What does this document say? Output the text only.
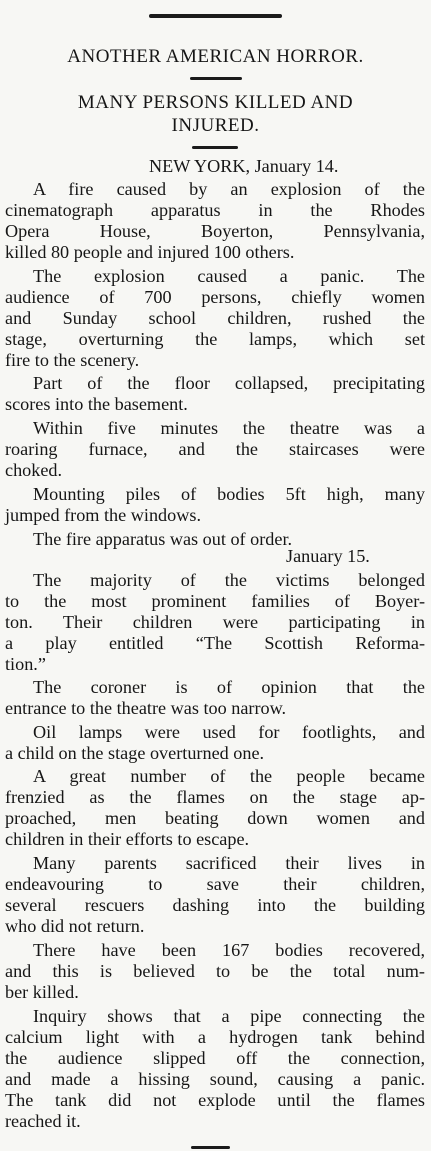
ANOTHER AMERICAN HORROR.
MANY PERSONS KILLED AND
INJURED.
NEW YORK, January 14.
January 15.
A fire caused by an explosion of the
cinematograph apparatus in the Rhodes
Opera House, Boyerton, Pennsylvania,
killed 80 people and injured 100 others.
The explosion caused a panic. The
audience of 700 persons, chiefly women
and Sunday school children, rushed the
stage, overturning the lamps, which set
fire to the scenery.
Part of the floor collapsed, precipitating
scores into the basement.
Within five minutes the theatre was a
roaring furnace, and the staircases were
choked.
Mounting piles of bodies 5ft high, many
jumped from the windows.
The fire apparatus was out of order.
The majority of the victims belonged
to the most prominent families of Boyer-
ton. Their children were participating in
a play entitled “The Scottish Reforma-
tion.”
The coroner is of opinion that the
entrance to the theatre was too narrow.
Oil lamps were used for footlights, and
a child on the stage overturned one.
A great number of the people became
frenzied as the flames on the stage ap-
proached, men beating down women and
children in their efforts to escape.
Many parents sacrificed their lives in
endeavouring to save their children,
several rescuers dashing into the building
who did not return.
There have been 167 bodies recovered,
and this is believed to be the total num-
ber killed.
Inquiry shows that a pipe connecting the
calcium light with a hydrogen tank behind
the audience slipped off the connection,
and made a hissing sound, causing a panic.
The tank did not explode until the flames
reached it.
